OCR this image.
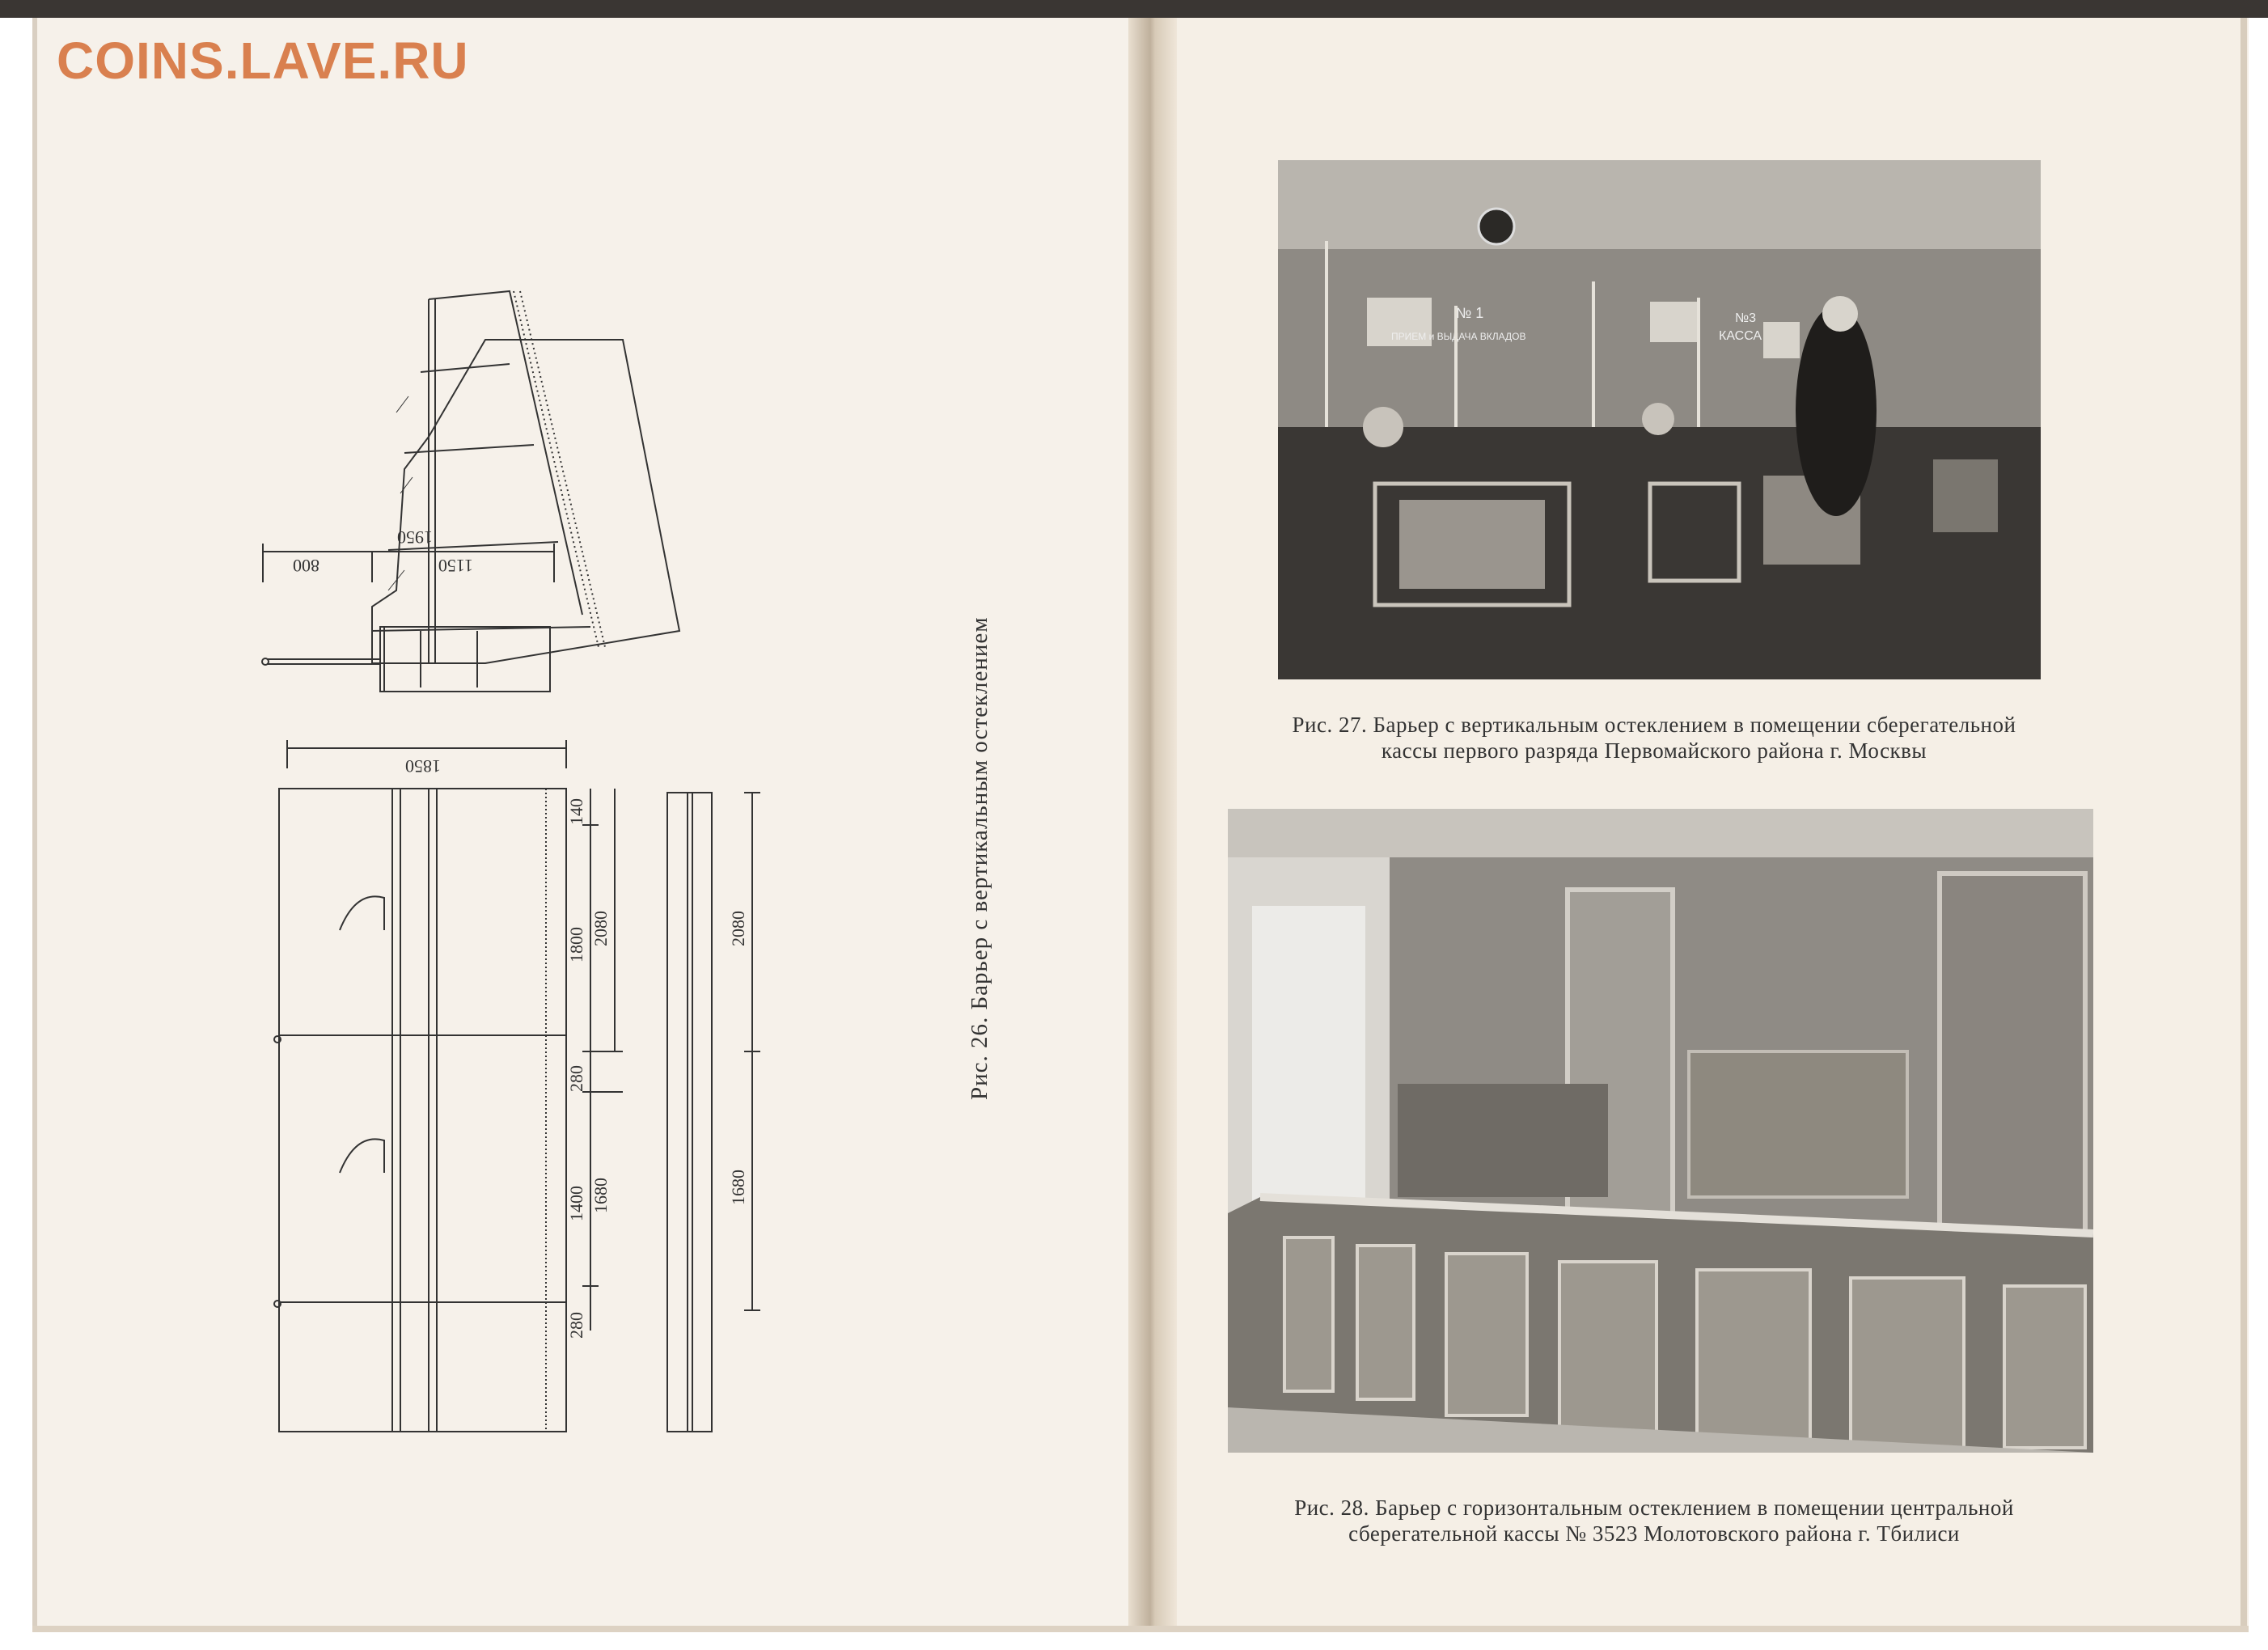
COINS.LAVE.RU
1950
800	1150
1850
140
1800 2080
280
1400 1680
280
2080
1680
Рис. 26. Барьер с вертикальным остеклением
№ 1
ПРИЕМ и ВЫДАЧА ВКЛАДОВ
№3
КАССА
Рис. 27. Барьер с вертикальным остеклением в помещении сберегательной
кассы первого разряда Первомайского района г. Москвы
Рис. 28. Барьер с горизонтальным остеклением в помещении центральной
сберегательной кассы № 3523 Молотовского района г. Тбилиси
